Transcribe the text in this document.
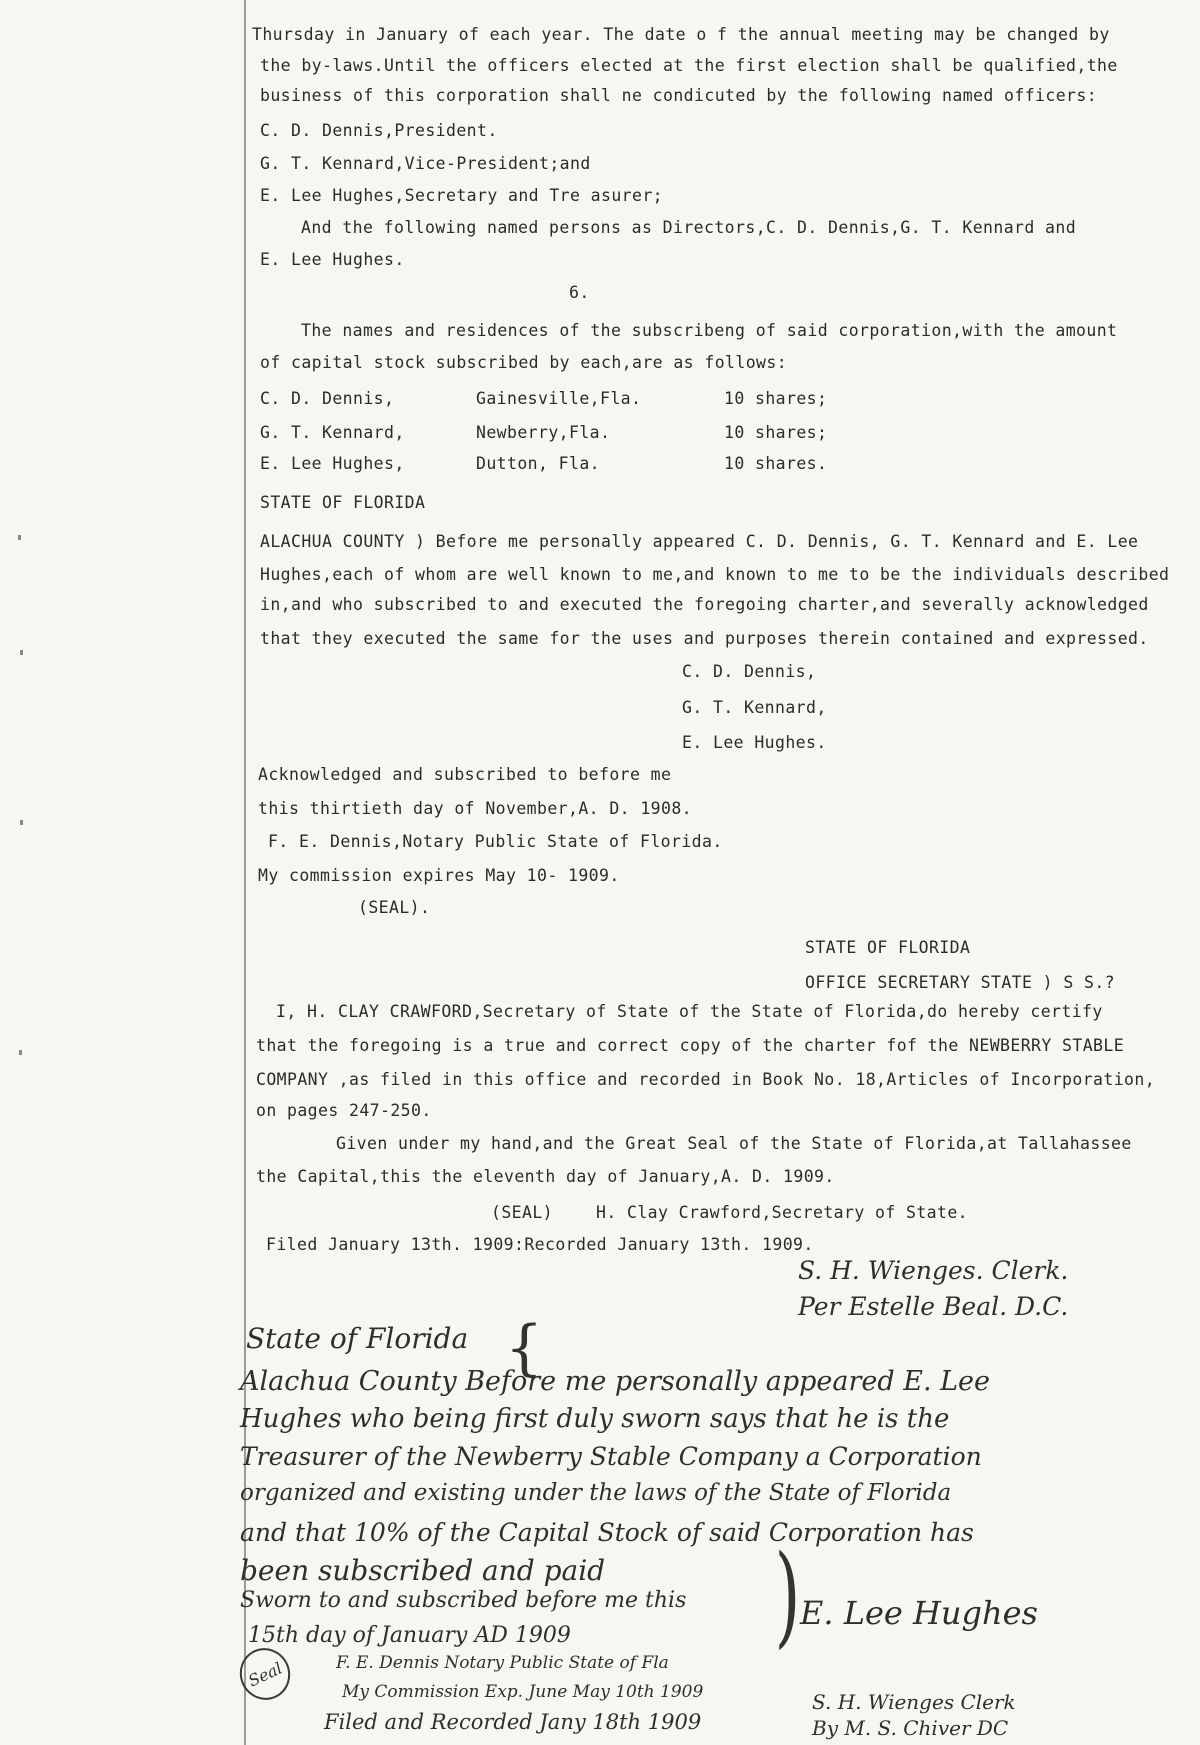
Thursday in January of each year. The date o f the annual meeting may be changed by
the by-laws.Until the officers elected at the first election shall be qualified,the
business of this corporation shall ne condicuted by the following named officers:
C. D. Dennis,President.
G. T. Kennard,Vice-President;and
E. Lee Hughes,Secretary and Tre asurer;
And the following named persons as Directors,C. D. Dennis,G. T. Kennard and
E. Lee Hughes.
6.
The names and residences of the subscribeng of said corporation,with the amount
of capital stock subscribed by each,are as follows:
C. D. Dennis,	Gainesville,Fla.	10 shares;
G. T. Kennard,	Newberry,Fla.	10 shares;
E. Lee Hughes,	Dutton, Fla.	10 shares.
STATE OF FLORIDA
ALACHUA COUNTY ) Before me personally appeared C. D. Dennis, G. T. Kennard and E. Lee
Hughes,each of whom are well known to me,and known to me to be the individuals described
in,and who subscribed to and executed the foregoing charter,and severally acknowledged
that they executed the same for the uses and purposes therein contained and expressed.
C. D. Dennis,
G. T. Kennard,
E. Lee Hughes.
Acknowledged and subscribed to before me
this thirtieth day of November,A. D. 1908.
F. E. Dennis,Notary Public State of Florida.
My commission expires May 10- 1909.
(SEAL).
STATE OF FLORIDA
OFFICE SECRETARY STATE ) S S.?
I, H. CLAY CRAWFORD,Secretary of State of the State of Florida,do hereby certify
that the foregoing is a true and correct copy of the charter fof the NEWBERRY STABLE
COMPANY ,as filed in this office and recorded in Book No. 18,Articles of Incorporation,
on pages 247-250.
Given under my hand,and the Great Seal of the State of Florida,at Tallahassee
the Capital,this the eleventh day of January,A. D. 1909.
(SEAL)	H. Clay Crawford,Secretary of State.
Filed January 13th. 1909:Recorded January 13th. 1909.
S. H. Wienges. Clerk.
Per Estelle Beal. D.C.
State of Florida {
Alachua County Before me personally appeared E. Lee
Hughes who being first duly sworn says that he is the
Treasurer of the Newberry Stable Company a Corporation
organized and existing under the laws of the State of Florida
and that 10% of the Capital Stock of said Corporation has
been subscribed and paid
Sworn to and subscribed before me this
15th day of January AD 1909 ) E. Lee Hughes
F. E. Dennis Notary Public State of Fla
My Commission Exp. June May 10th 1909
Filed and Recorded Jany 18th 1909
Seal
S. H. Wienges Clerk
By M. S. Chiver DC
